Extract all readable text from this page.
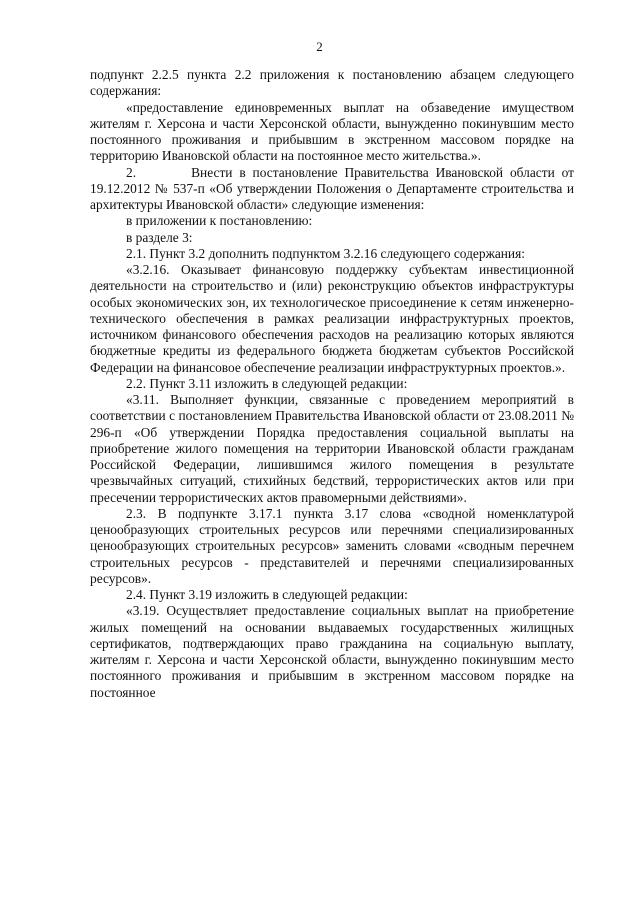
2

подпункт 2.2.5 пункта 2.2 приложения к постановлению абзацем следующего содержания:

«предоставление единовременных выплат на обзаведение имуществом жителям г. Херсона и части Херсонской области, вынужденно покинувшим место постоянного проживания и прибывшим в экстренном массовом порядке на территорию Ивановской области на постоянное место жительства.».

2.        Внести в постановление Правительства Ивановской области от 19.12.2012 № 537-п «Об утверждении Положения о Департаменте строительства и архитектуры Ивановской области» следующие изменения:

в приложении к постановлению:

в разделе 3:

2.1. Пункт 3.2 дополнить подпунктом 3.2.16 следующего содержания:

«3.2.16. Оказывает финансовую поддержку субъектам инвестиционной деятельности на строительство и (или) реконструкцию объектов инфраструктуры особых экономических зон, их технологическое присоединение к сетям инженерно-технического обеспечения в рамках реализации инфраструктурных проектов, источником финансового обеспечения расходов на реализацию которых являются бюджетные кредиты из федерального бюджета бюджетам субъектов Российской Федерации на финансовое обеспечение реализации инфраструктурных проектов.».

2.2. Пункт 3.11 изложить в следующей редакции:

«3.11. Выполняет функции, связанные с проведением мероприятий в соответствии с постановлением Правительства Ивановской области от 23.08.2011 № 296-п «Об утверждении Порядка предоставления социальной выплаты на приобретение жилого помещения на территории Ивановской области гражданам Российской Федерации, лишившимся жилого помещения в результате чрезвычайных ситуаций, стихийных бедствий, террористических актов или при пресечении террористических актов правомерными действиями».

2.3. В подпункте 3.17.1 пункта 3.17 слова «сводной номенклатурой ценообразующих строительных ресурсов или перечнями специализированных ценообразующих строительных ресурсов» заменить словами «сводным перечнем строительных ресурсов - представителей и перечнями специализированных ресурсов».

2.4. Пункт 3.19 изложить в следующей редакции:

«3.19. Осуществляет предоставление социальных выплат на приобретение жилых помещений на основании выдаваемых государственных жилищных сертификатов, подтверждающих право гражданина на социальную выплату, жителям г. Херсона и части Херсонской области, вынужденно покинувшим место постоянного проживания и прибывшим в экстренном массовом порядке на постоянное
